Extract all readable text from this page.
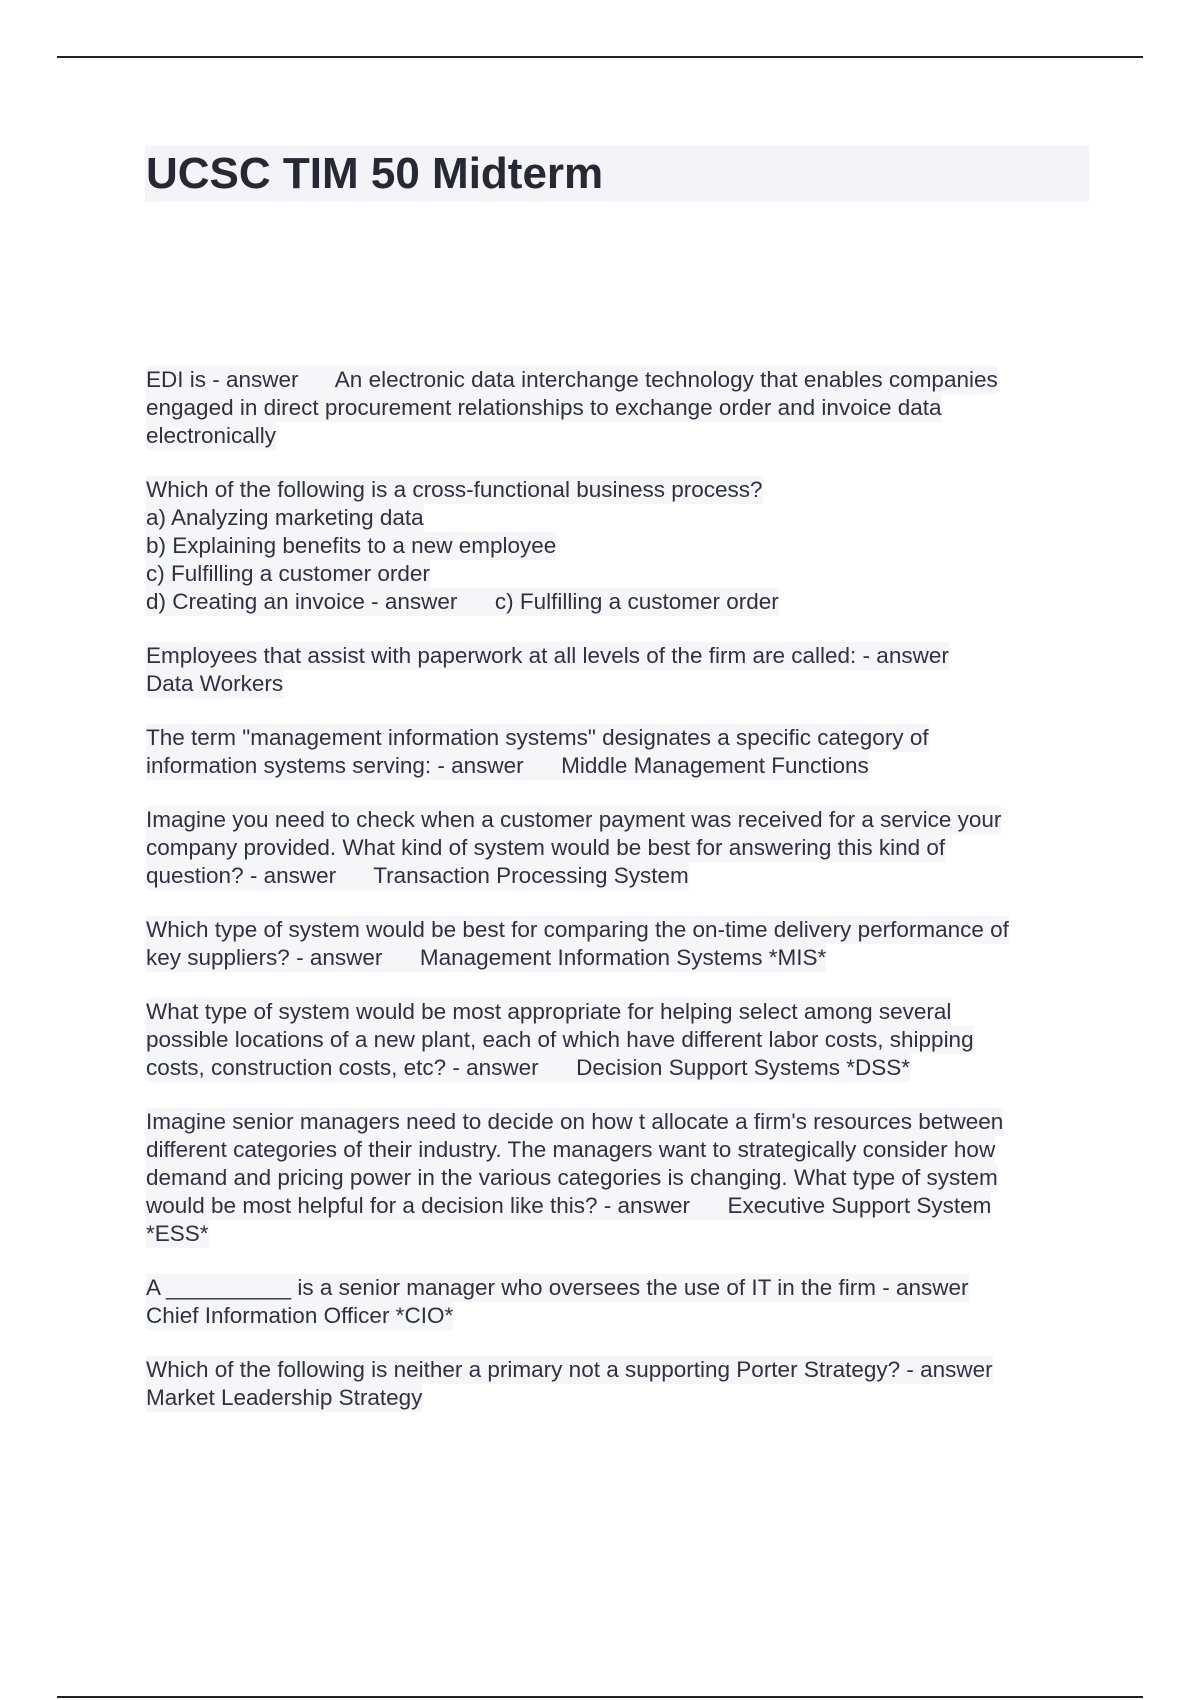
UCSC TIM 50 Midterm
EDI is - answer      An electronic data interchange technology that enables companies
engaged in direct procurement relationships to exchange order and invoice data
electronically
Which of the following is a cross-functional business process?
a) Analyzing marketing data
b) Explaining benefits to a new employee
c) Fulfilling a customer order
d) Creating an invoice - answer      c) Fulfilling a customer order
Employees that assist with paperwork at all levels of the firm are called: - answer
Data Workers
The term "management information systems" designates a specific category of
information systems serving: - answer      Middle Management Functions
Imagine you need to check when a customer payment was received for a service your
company provided. What kind of system would be best for answering this kind of
question? - answer      Transaction Processing System
Which type of system would be best for comparing the on-time delivery performance of
key suppliers? - answer      Management Information Systems *MIS*
What type of system would be most appropriate for helping select among several
possible locations of a new plant, each of which have different labor costs, shipping
costs, construction costs, etc? - answer      Decision Support Systems *DSS*
Imagine senior managers need to decide on how t allocate a firm's resources between
different categories of their industry. The managers want to strategically consider how
demand and pricing power in the various categories is changing. What type of system
would be most helpful for a decision like this? - answer      Executive Support System
*ESS*
A __________ is a senior manager who oversees the use of IT in the firm - answer
Chief Information Officer *CIO*
Which of the following is neither a primary not a supporting Porter Strategy? - answer
Market Leadership Strategy
